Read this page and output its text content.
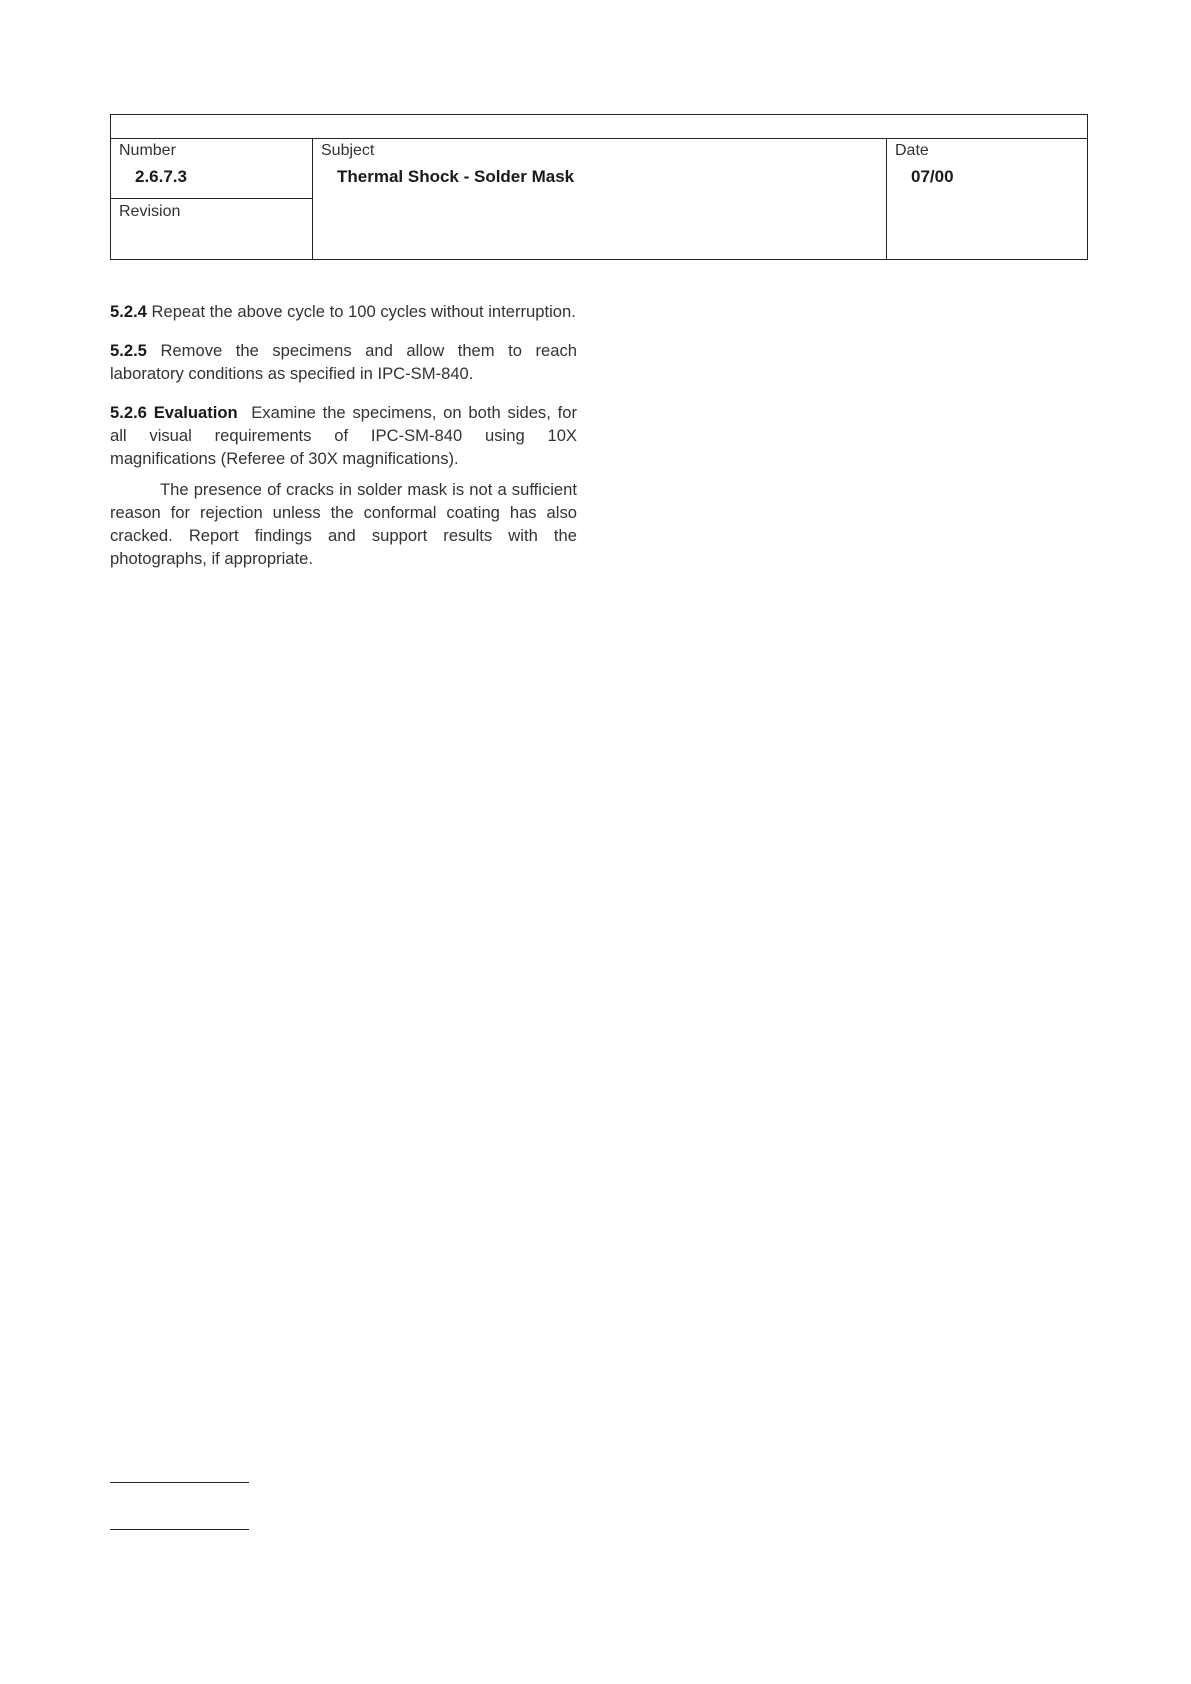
Number
2.6.7.3
Revision
Subject
Thermal Shock - Solder Mask
Date
07/00

5.2.4 Repeat the above cycle to 100 cycles without interruption.

5.2.5 Remove the specimens and allow them to reach laboratory conditions as specified in IPC-SM-840.

5.2.6 Evaluation Examine the specimens, on both sides, for all visual requirements of IPC-SM-840 using 10X magnifications (Referee of 30X magnifications).

The presence of cracks in solder mask is not a sufficient reason for rejection unless the conformal coating has also cracked. Report findings and support results with the photographs, if appropriate.
